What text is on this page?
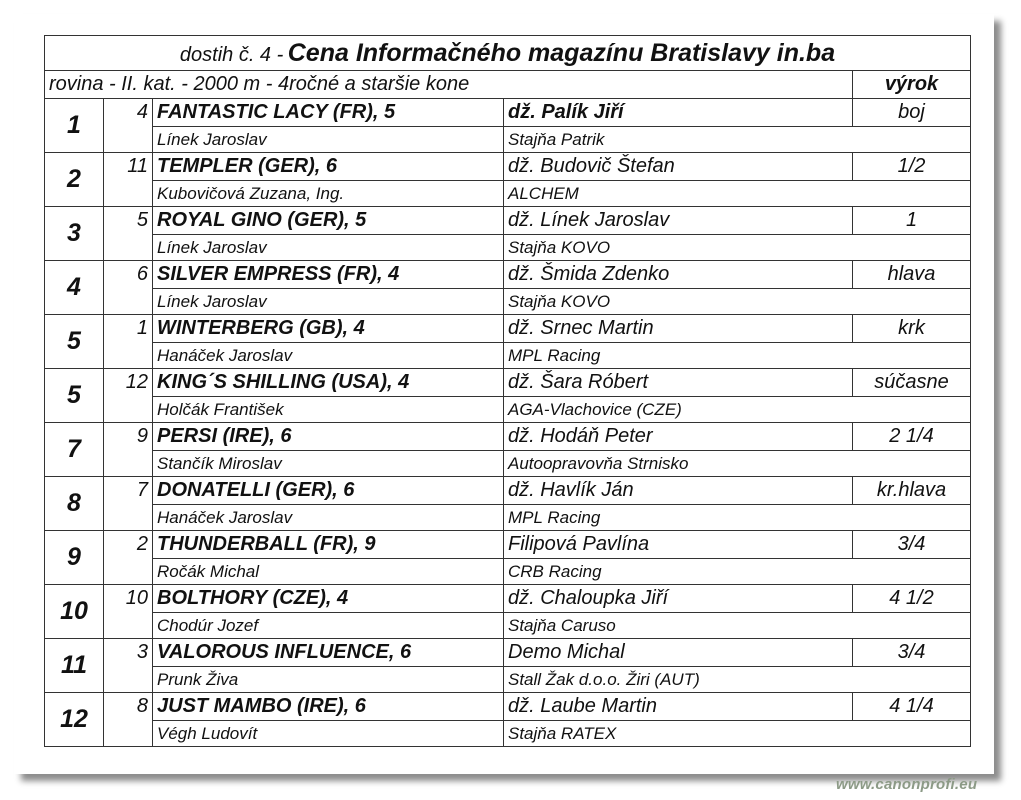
dostih č. 4 - Cena Informačného magazínu Bratislavy in.ba				
rovina - II. kat. - 2000 m - 4ročné a staršie kone				výrok
1	4	FANTASTIC LACY (FR), 5	dž. Palík Jiří	boj
		Línek Jaroslav	Stajňa Patrik	
2	11	TEMPLER (GER), 6	dž. Budovič Štefan	1/2
		Kubovičová Zuzana, Ing.	ALCHEM	
3	5	ROYAL GINO (GER), 5	dž. Línek Jaroslav	1
		Línek Jaroslav	Stajňa KOVO	
4	6	SILVER EMPRESS (FR), 4	dž. Šmida Zdenko	hlava
		Línek Jaroslav	Stajňa KOVO	
5	1	WINTERBERG (GB), 4	dž. Srnec Martin	krk
		Hanáček Jaroslav	MPL Racing	
5	12	KING´S SHILLING (USA), 4	dž. Šara Róbert	súčasne
		Holčák František	AGA-Vlachovice (CZE)	
7	9	PERSI (IRE), 6	dž. Hodáň Peter	2 1/4
		Stančík Miroslav	Autoopravovňa Strnisko	
8	7	DONATELLI (GER), 6	dž. Havlík Ján	kr.hlava
		Hanáček Jaroslav	MPL Racing	
9	2	THUNDERBALL (FR), 9	Filipová Pavlína	3/4
		Ročák Michal	CRB Racing	
10	10	BOLTHORY (CZE), 4	dž. Chaloupka Jiří	4 1/2
		Chodúr Jozef	Stajňa Caruso	
11	3	VALOROUS INFLUENCE, 6	Demo Michal	3/4
		Prunk Živa	Stall Žak d.o.o. Žiri (AUT)	
12	8	JUST MAMBO (IRE), 6	dž. Laube Martin	4 1/4
		Végh Ludovít	Stajňa RATEX	
www.canonprofi.eu
